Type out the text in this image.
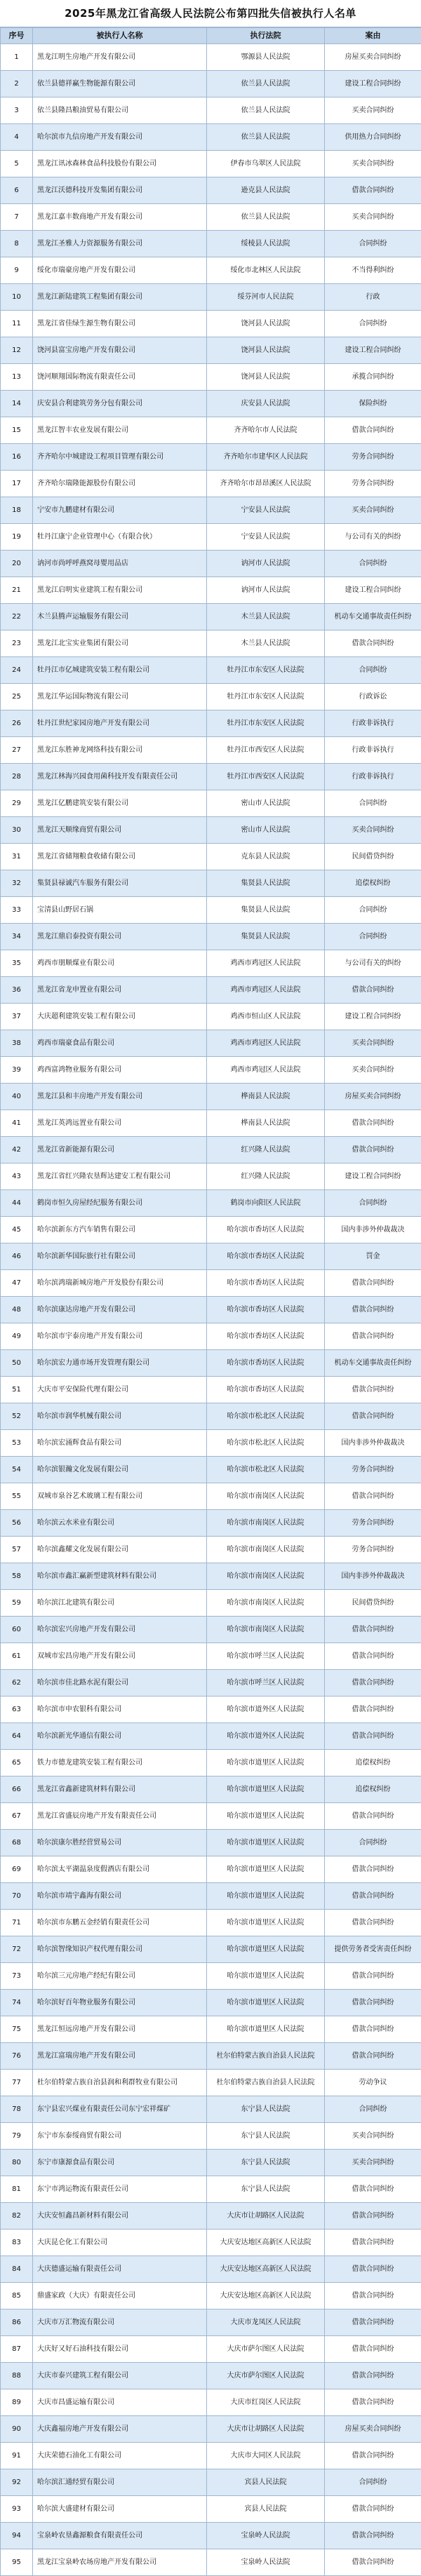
2025年黑龙江省高级人民法院公布第四批失信被执行人名单
序号	被执行人名称	执行法院	案由
1	黑龙江明生房地产开发有限公司	鄂源县人民法院	房屋买卖合同纠纷
2	依兰县德祥赢生物能源有限公司	依兰县人民法院	建设工程合同纠纷
3	依兰县隆昌粮油贸易有限公司	依兰县人民法院	买卖合同纠纷
4	哈尔滨市九信房地产开发有限公司	依兰县人民法院	供用热力合同纠纷
5	黑龙江讯冰森林食品科技股份有限公司	伊春市乌翠区人民法院	买卖合同纠纷
6	黑龙江沃德科技开发集团有限公司	逊克县人民法院	借款合同纠纷
7	黑龙江嘉丰数商地产开发有限公司	依兰县人民法院	买卖合同纠纷
8	黑龙江圣雅人力资源服务有限公司	绥棱县人民法院	合同纠纷
9	绥化市瑞豪房地产开发有限公司	绥化市北林区人民法院	不当得利纠纷
10	黑龙江新陆建筑工程集团有限公司	绥芬河市人民法院	行政
11	黑龙江省佳绿生源生物有限公司	饶河县人民法院	合同纠纷
12	饶河县富宝房地产开发有限公司	饶河县人民法院	建设工程合同纠纷
13	饶河顺翔国际物流有限责任公司	饶河县人民法院	承揽合同纠纷
14	庆安县合利建筑劳务分包有限公司	庆安县人民法院	保险纠纷
15	黑龙江智丰农业发展有限公司	齐齐哈尔市人民法院	借款合同纠纷
16	齐齐哈尔中城建设工程项目管理有限公司	齐齐哈尔市建华区人民法院	劳务合同纠纷
17	齐齐哈尔瑞隆能源股份有限公司	齐齐哈尔市昂昂溪区人民法院	劳务合同纠纷
18	宁安市九鹏建材有限公司	宁安县人民法院	买卖合同纠纷
19	牡丹江康宁企业管理中心（有限合伙）	宁安县人民法院	与公司有关的纠纷
20	讷河市尚呼呼燕窝母婴用品店	讷河市人民法院	合同纠纷
21	黑龙江启明实业建筑工程有限公司	讷河市人民法院	建设工程合同纠纷
22	木兰县腾声运输服务有限公司	木兰县人民法院	机动车交通事故责任纠纷
23	黑龙江北宝实业集团有限公司	木兰县人民法院	借款合同纠纷
24	牡丹江市亿城建筑安装工程有限公司	牡丹江市东安区人民法院	合同纠纷
25	黑龙江华运国际物流有限公司	牡丹江市东安区人民法院	行政诉讼
26	牡丹江世纪家园房地产开发有限公司	牡丹江市东安区人民法院	行政非诉执行
27	黑龙江东胜神龙网络科技有限公司	牡丹江市西安区人民法院	行政非诉执行
28	黑龙江林海兴园食用菌科技开发有限责任公司	牡丹江市西安区人民法院	行政非诉执行
29	黑龙江亿鹏建筑安装有限公司	密山市人民法院	合同纠纷
30	黑龙江天顺缘商贸有限公司	密山市人民法院	买卖合同纠纷
31	黑龙江省储翔粮食收储有限公司	克东县人民法院	民间借贷纠纷
32	集贤县禄诚汽车服务有限公司	集贤县人民法院	追偿权纠纷
33	宝清县山野居石锅	集贤县人民法院	合同纠纷
34	黑龙江鼎启泰投资有限公司	集贤县人民法院	合同纠纷
35	鸡西市朋顺煤业有限公司	鸡西市鸡冠区人民法院	与公司有关的纠纷
36	黑龙江省龙申置业有限公司	鸡西市鸡冠区人民法院	借款合同纠纷
37	大庆超利建筑安装工程有限公司	鸡西市恒山区人民法院	建设工程合同纠纷
38	鸡西市瑞豪食品有限公司	鸡西市鸡冠区人民法院	买卖合同纠纷
39	鸡西富鸿物业服务有限公司	鸡西市鸡冠区人民法院	买卖合同纠纷
40	黑龙江县和丰房地产开发有限公司	桦南县人民法院	房屋买卖合同纠纷
41	黑龙江英鸿远置业有限公司	桦南县人民法院	借款合同纠纷
42	黑龙江省新能源有限公司	红兴隆人民法院	借款合同纠纷
43	黑龙江省红兴隆农垦辉达建安工程有限公司	红兴隆人民法院	建设工程合同纠纷
44	鹤岗市恒久房屋经纪服务有限公司	鹤岗市向阳区人民法院	合同纠纷
45	哈尔滨新东方汽车销售有限公司	哈尔滨市香坊区人民法院	国内非涉外仲裁裁决
46	哈尔滨新华国际旅行社有限公司	哈尔滨市香坊区人民法院	罚金
47	哈尔滨鸿瑞新城房地产开发股份有限公司	哈尔滨市香坊区人民法院	借款合同纠纷
48	哈尔滨康达房地产开发有限公司	哈尔滨市香坊区人民法院	借款合同纠纷
49	哈尔滨市宇泰房地产开发有限公司	哈尔滨市香坊区人民法院	借款合同纠纷
50	哈尔滨宏力通市场开发管理有限公司	哈尔滨市香坊区人民法院	机动车交通事故责任纠纷
51	大庆市平安保险代理有限公司	哈尔滨市香坊区人民法院	借款合同纠纷
52	哈尔滨市润华机械有限公司	哈尔滨市松北区人民法院	借款合同纠纷
53	哈尔滨宏涌辉食品有限公司	哈尔滨市松北区人民法院	国内非涉外仲裁裁决
54	哈尔滨银瀚文化发展有限公司	哈尔滨市松北区人民法院	劳务合同纠纷
55	双城市泉谷艺术玻璃工程有限公司	哈尔滨市南岗区人民法院	借款合同纠纷
56	哈尔滨云水米业有限公司	哈尔滨市南岗区人民法院	劳务合同纠纷
57	哈尔滨鑫耀文化发展有限公司	哈尔滨市南岗区人民法院	劳务合同纠纷
58	哈尔滨市鑫汇赢新型建筑材料有限公司	哈尔滨市南岗区人民法院	国内非涉外仲裁裁决
59	哈尔滨江北建筑有限公司	哈尔滨市南岗区人民法院	民间借贷纠纷
60	哈尔滨宏兴房地产开发有限公司	哈尔滨市南岗区人民法院	借款合同纠纷
61	双城市宏昌房地产开发有限公司	哈尔滨市呼兰区人民法院	借款合同纠纷
62	哈尔滨市佳北路水泥有限公司	哈尔滨市呼兰区人民法院	借款合同纠纷
63	哈尔滨市申农银科有限公司	哈尔滨市道外区人民法院	借款合同纠纷
64	哈尔滨新光华通信有限公司	哈尔滨市道外区人民法院	借款合同纠纷
65	铁力市德龙建筑安装工程有限公司	哈尔滨市道里区人民法院	追偿权纠纷
66	黑龙江省鑫新建筑材料有限公司	哈尔滨市道里区人民法院	追偿权纠纷
67	黑龙江省盛辰房地产开发有限责任公司	哈尔滨市道里区人民法院	借款合同纠纷
68	哈尔滨康尔胜经营贸易公司	哈尔滨市道里区人民法院	合同纠纷
69	哈尔滨太平湖温泉度假酒店有限公司	哈尔滨市道里区人民法院	借款合同纠纷
70	哈尔滨市靖宇鑫海有限公司	哈尔滨市道里区人民法院	借款合同纠纷
71	哈尔滨市东鹏五金经销有限责任公司	哈尔滨市道里区人民法院	借款合同纠纷
72	哈尔滨智缘知识产权代理有限公司	哈尔滨市道里区人民法院	提供劳务者受害责任纠纷
73	哈尔滨三元房地产经纪有限公司	哈尔滨市道里区人民法院	借款合同纠纷
74	哈尔滨好百年物业服务有限公司	哈尔滨市道里区人民法院	借款合同纠纷
75	黑龙江恒远房地产开发有限公司	哈尔滨市道里区人民法院	借款合同纠纷
76	黑龙江富瑞房地产开发有限公司	杜尔伯特蒙古族自治县人民法院	借款合同纠纷
77	杜尔伯特蒙古族自治县润和利群牧业有限公司	杜尔伯特蒙古族自治县人民法院	劳动争议
78	东宁县宏兴煤业有限责任公司东宁宏祥煤矿	东宁县人民法院	合同纠纷
79	东宁市东泰绥商贸有限公司	东宁县人民法院	买卖合同纠纷
80	东宁市康源食品有限公司	东宁县人民法院	买卖合同纠纷
81	东宁市鸿运物流有限责任公司	东宁县人民法院	借款合同纠纷
82	大庆安恒鑫昌新材料有限公司	大庆市让胡路区人民法院	借款合同纠纷
83	大庆昆仑化工有限公司	大庆安达地区高新区人民法院	借款合同纠纷
84	大庆德盛运输有限责任公司	大庆安达地区高新区人民法院	借款合同纠纷
85	鼎盛家政（大庆）有限责任公司	大庆安达地区高新区人民法院	借款合同纠纷
86	大庆市万汇物流有限公司	大庆市龙凤区人民法院	借款合同纠纷
87	大庆好又好石油科技有限公司	大庆市萨尔图区人民法院	借款合同纠纷
88	大庆市泰兴建筑工程有限公司	大庆市萨尔图区人民法院	借款合同纠纷
89	大庆市昌盛运输有限公司	大庆市红岗区人民法院	借款合同纠纷
90	大庆鑫福房地产开发有限公司	大庆市让胡路区人民法院	房屋买卖合同纠纷
91	大庆荣德石油化工有限公司	大庆市大同区人民法院	借款合同纠纷
92	哈尔滨汇通经贸有限公司	宾县人民法院	合同纠纷
93	哈尔滨大盛建材有限公司	宾县人民法院	借款合同纠纷
94	宝泉岭农垦鑫源粮食有限责任公司	宝泉岭人民法院	借款合同纠纷
95	黑龙江宝泉岭农场房地产开发有限公司	宝泉岭人民法院	借款合同纠纷
